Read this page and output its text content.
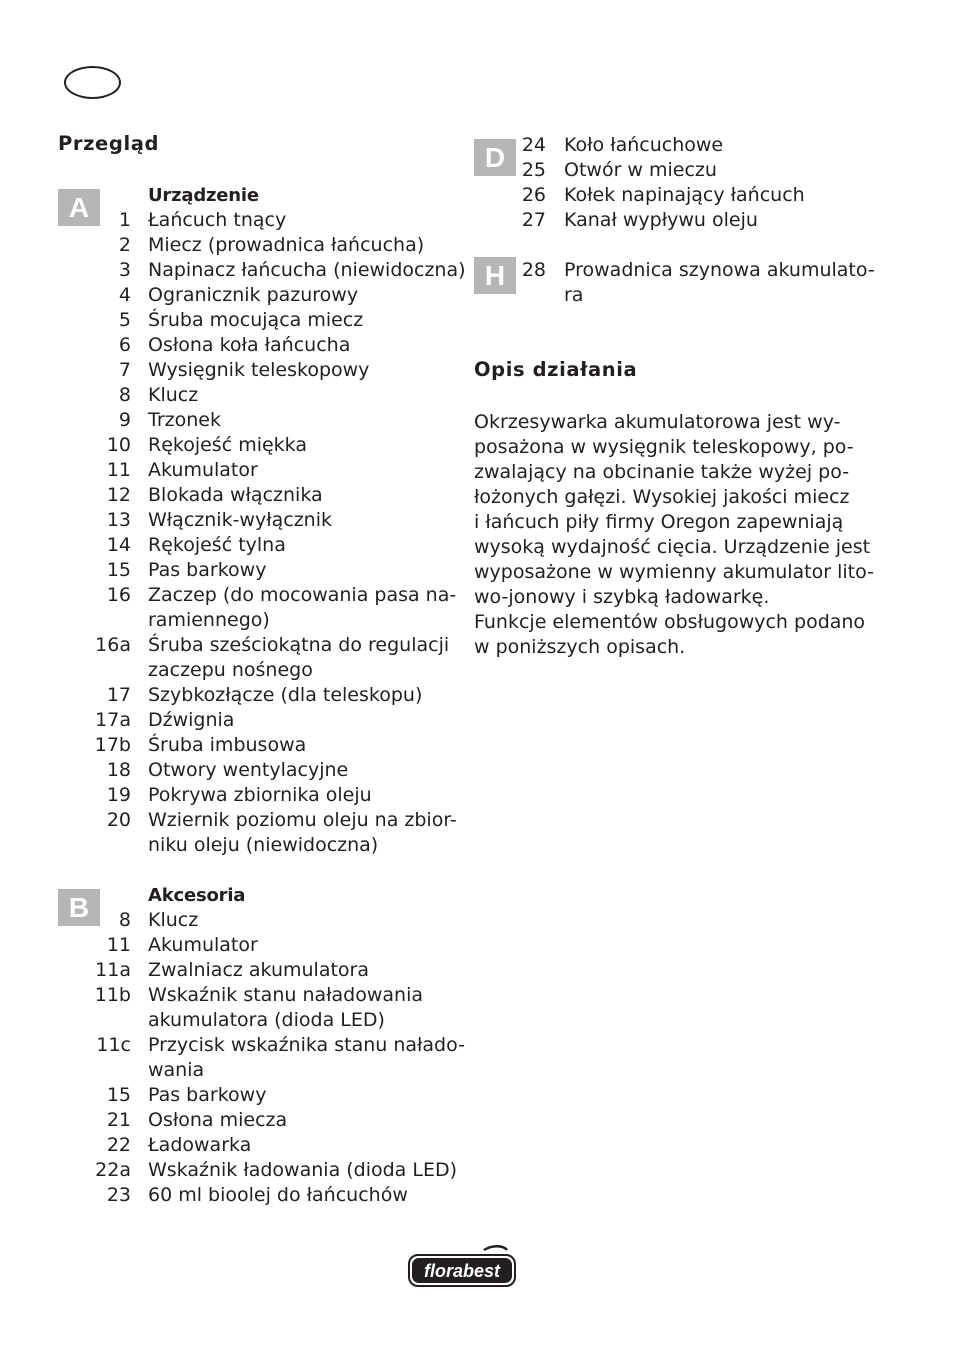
Przegląd
A	Urządzenie
1 Łańcuch tnący
2 Miecz (prowadnica łańcucha)
3 Napinacz łańcucha (niewidoczna)
4 Ogranicznik pazurowy
5 Śruba mocująca miecz
6 Osłona koła łańcucha
7 Wysięgnik teleskopowy
8 Klucz
9 Trzonek
10 Rękojeść miękka
11 Akumulator
12 Blokada włącznika
13 Włącznik-wyłącznik
14 Rękojeść tylna
15 Pas barkowy
16 Zaczep (do mocowania pasa na-
ramiennego)
16a Śruba sześciokątna do regulacji
zaczepu nośnego
17 Szybkozłącze (dla teleskopu)
17a Dźwignia
17b Śruba imbusowa
18 Otwory wentylacyjne
19 Pokrywa zbiornika oleju
20 Wziernik poziomu oleju na zbior-
niku oleju (niewidoczna)
B	Akcesoria
8 Klucz
11 Akumulator
11a Zwalniacz akumulatora
11b Wskaźnik stanu naładowania
akumulatora (dioda LED)
11c Przycisk wskaźnika stanu nałado-
wania
15 Pas barkowy
21 Osłona miecza
22 Ładowarka
22a Wskaźnik ładowania (dioda LED)
23 60 ml bioolej do łańcuchów
D 24 Koło łańcuchowe
25 Otwór w mieczu
26 Kołek napinający łańcuch
27 Kanał wypływu oleju
H 28 Prowadnica szynowa akumulato-
ra
Opis działania
Okrzesywarka akumulatorowa jest wy-
posażona w wysięgnik teleskopowy, po-
zwalający na obcinanie także wyżej po-
łożonych gałęzi. Wysokiej jakości miecz
i łańcuch piły firmy Oregon zapewniają
wysoką wydajność cięcia. Urządzenie jest
wyposażone w wymienny akumulator lito-
wo-jonowy i szybką ładowarkę.
Funkcje elementów obsługowych podano
w poniższych opisach.
florabest
